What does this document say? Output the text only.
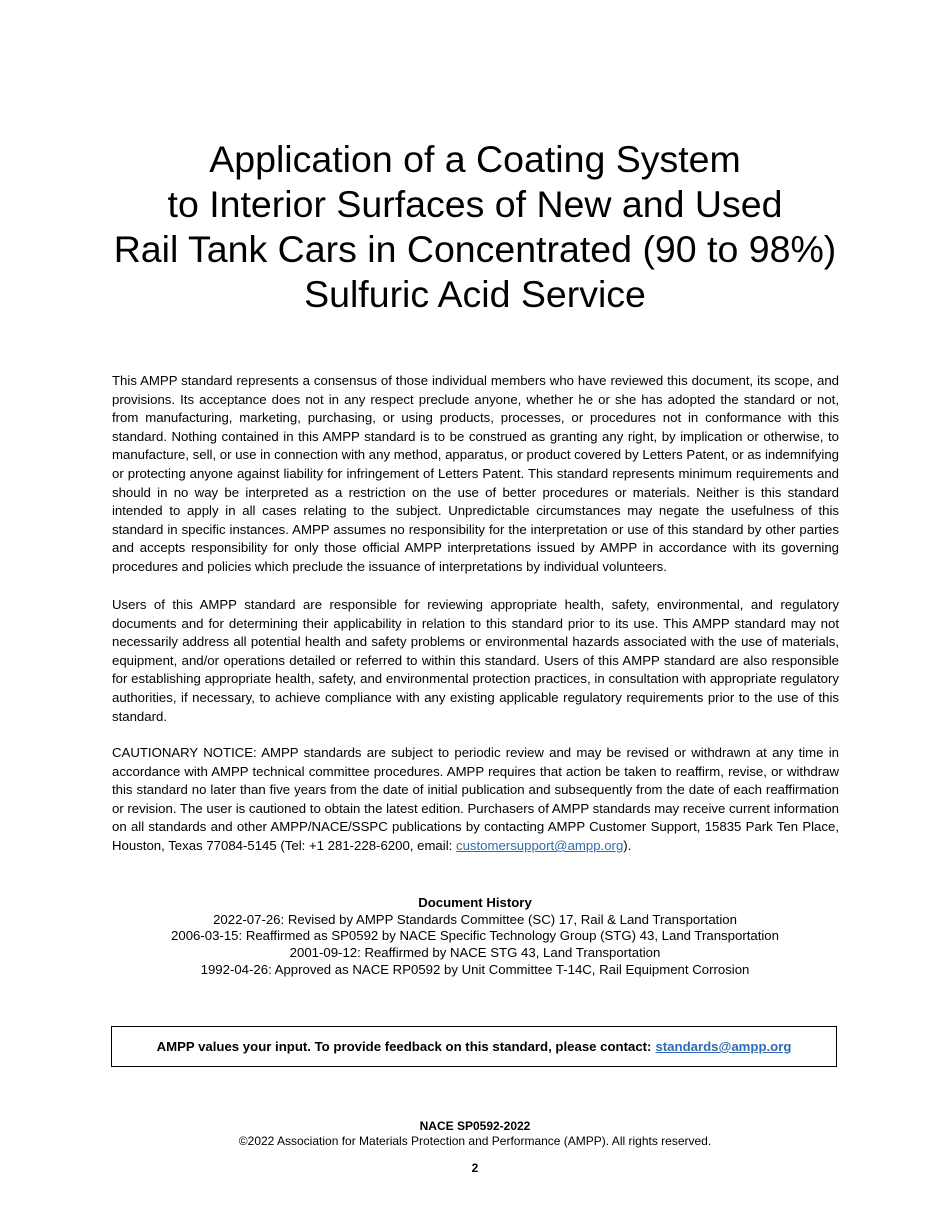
Application of a Coating System
to Interior Surfaces of New and Used
Rail Tank Cars in Concentrated (90 to 98%)
Sulfuric Acid Service

This AMPP standard represents a consensus of those individual members who have reviewed this document, its scope, and provisions. Its acceptance does not in any respect preclude anyone, whether he or she has adopted the standard or not, from manufacturing, marketing, purchasing, or using products, processes, or procedures not in conformance with this standard. Nothing contained in this AMPP standard is to be construed as granting any right, by implication or otherwise, to manufacture, sell, or use in connection with any method, apparatus, or product covered by Letters Patent, or as indemnifying or protecting anyone against liability for infringement of Letters Patent. This standard represents minimum requirements and should in no way be interpreted as a restriction on the use of better procedures or materials. Neither is this standard intended to apply in all cases relating to the subject. Unpredictable circumstances may negate the usefulness of this standard in specific instances. AMPP assumes no responsibility for the interpretation or use of this standard by other parties and accepts responsibility for only those official AMPP interpretations issued by AMPP in accordance with its governing procedures and policies which preclude the issuance of interpretations by individual volunteers.

Users of this AMPP standard are responsible for reviewing appropriate health, safety, environmental, and regulatory documents and for determining their applicability in relation to this standard prior to its use. This AMPP standard may not necessarily address all potential health and safety problems or environmental hazards associated with the use of materials, equipment, and/or operations detailed or referred to within this standard. Users of this AMPP standard are also responsible for establishing appropriate health, safety, and environmental protection practices, in consultation with appropriate regulatory authorities, if necessary, to achieve compliance with any existing applicable regulatory requirements prior to the use of this standard.

CAUTIONARY NOTICE: AMPP standards are subject to periodic review and may be revised or withdrawn at any time in accordance with AMPP technical committee procedures. AMPP requires that action be taken to reaffirm, revise, or withdraw this standard no later than five years from the date of initial publication and subsequently from the date of each reaffirmation or revision. The user is cautioned to obtain the latest edition. Purchasers of AMPP standards may receive current information on all standards and other AMPP/NACE/SSPC publications by contacting AMPP Customer Support, 15835 Park Ten Place, Houston, Texas 77084-5145 (Tel: +1 281-228-6200, email: customersupport@ampp.org).

Document History
2022-07-26: Revised by AMPP Standards Committee (SC) 17, Rail & Land Transportation
2006-03-15: Reaffirmed as SP0592 by NACE Specific Technology Group (STG) 43, Land Transportation
2001-09-12: Reaffirmed by NACE STG 43, Land Transportation
1992-04-26: Approved as NACE RP0592 by Unit Committee T-14C, Rail Equipment Corrosion
AMPP values your input. To provide feedback on this standard, please contact: standards@ampp.org
NACE SP0592-2022
©2022 Association for Materials Protection and Performance (AMPP). All rights reserved.
2
